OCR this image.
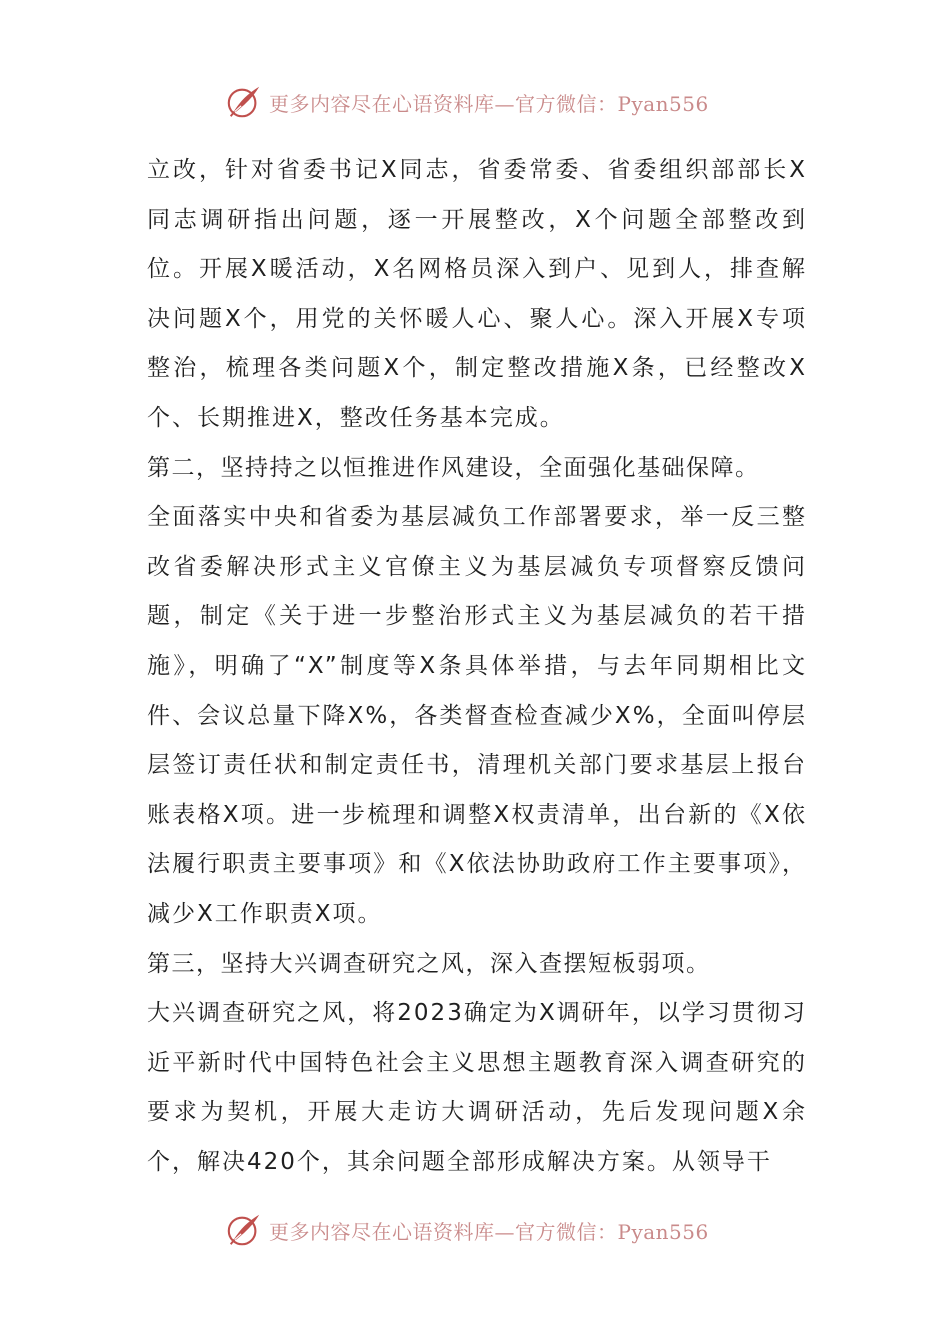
更多内容尽在心语资料库—官方微信：Pyan556

立改，针对省委书记X同志，省委常委、省委组织部部长X同志调研指出问题，逐一开展整改，X个问题全部整改到位。开展X暖活动，X名网格员深入到户、见到人，排查解决问题X个，用党的关怀暖人心、聚人心。深入开展X专项整治，梳理各类问题X个，制定整改措施X条，已经整改X个、长期推进X，整改任务基本完成。

第二，坚持持之以恒推进作风建设，全面强化基础保障。

全面落实中央和省委为基层减负工作部署要求，举一反三整改省委解决形式主义官僚主义为基层减负专项督察反馈问题，制定《关于进一步整治形式主义为基层减负的若干措施》，明确了“X”制度等X条具体举措，与去年同期相比文件、会议总量下降X%，各类督查检查减少X%，全面叫停层层签订责任状和制定责任书，清理机关部门要求基层上报台账表格X项。进一步梳理和调整X权责清单，出台新的《X依法履行职责主要事项》和《X依法协助政府工作主要事项》，减少X工作职责X项。

第三，坚持大兴调查研究之风，深入查摆短板弱项。

大兴调查研究之风，将2023确定为X调研年，以学习贯彻习近平新时代中国特色社会主义思想主题教育深入调查研究的要求为契机，开展大走访大调研活动，先后发现问题X余个，解决420个，其余问题全部形成解决方案。从领导干

更多内容尽在心语资料库—官方微信：Pyan556
